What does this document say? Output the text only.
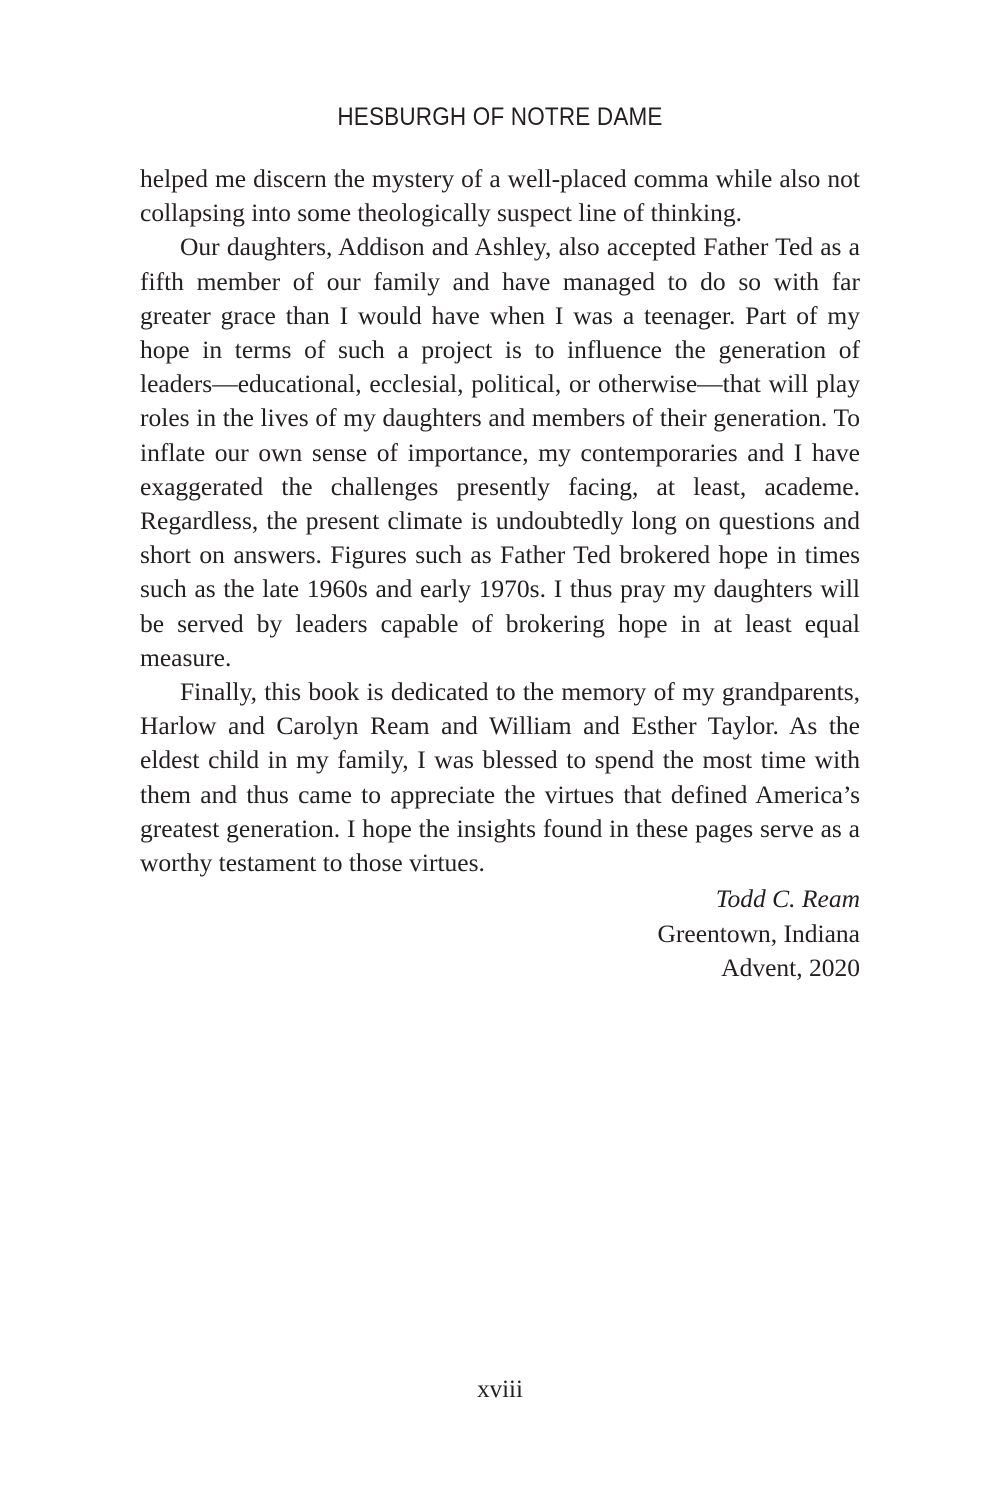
HESBURGH OF NOTRE DAME

helped me discern the mystery of a well-placed comma while also not collapsing into some theologically suspect line of thinking.

Our daughters, Addison and Ashley, also accepted Father Ted as a fifth member of our family and have managed to do so with far greater grace than I would have when I was a teenager. Part of my hope in terms of such a project is to influence the generation of leaders—educational, ecclesial, political, or otherwise—that will play roles in the lives of my daughters and members of their generation. To inflate our own sense of importance, my contemporaries and I have exaggerated the challenges presently facing, at least, academe. Regardless, the present climate is undoubtedly long on questions and short on answers. Figures such as Father Ted brokered hope in times such as the late 1960s and early 1970s. I thus pray my daughters will be served by leaders capable of brokering hope in at least equal measure.

Finally, this book is dedicated to the memory of my grandparents, Harlow and Carolyn Ream and William and Esther Taylor. As the eldest child in my family, I was blessed to spend the most time with them and thus came to appreciate the virtues that defined America’s greatest generation. I hope the insights found in these pages serve as a worthy testament to those virtues.

Todd C. Ream
Greentown, Indiana
Advent, 2020
xviii
